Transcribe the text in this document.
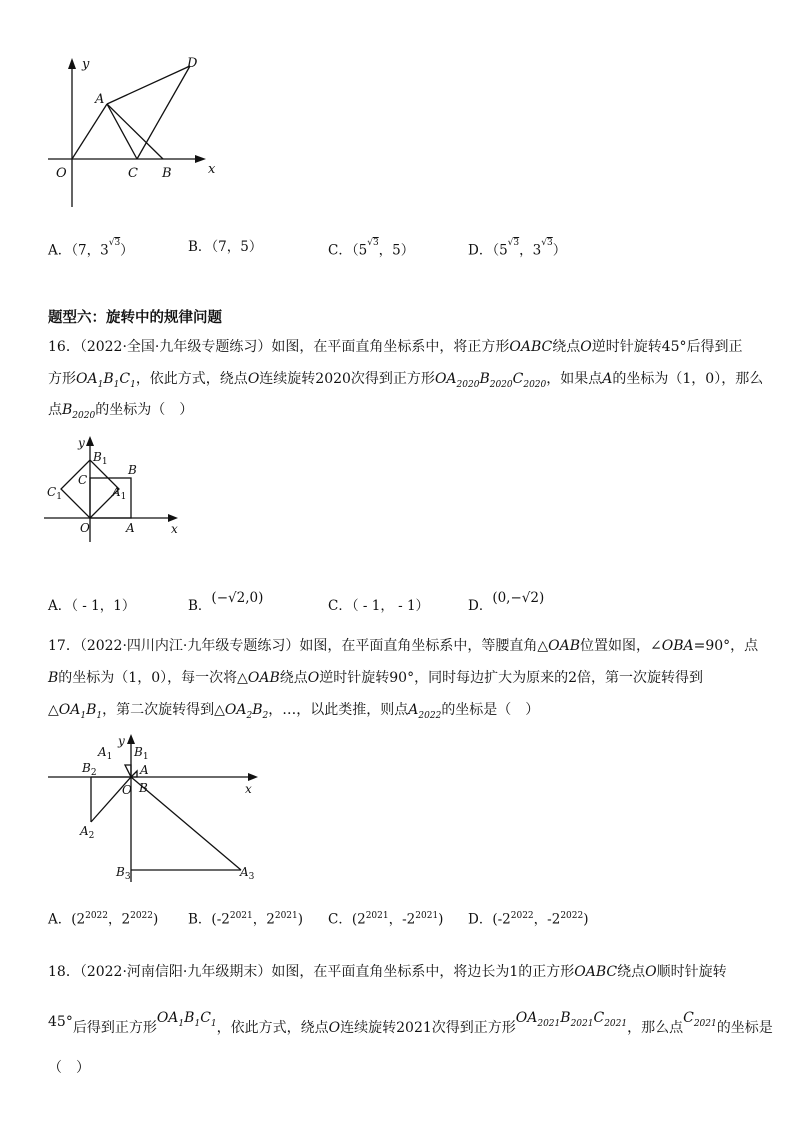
y
x
O
A
C B
D
A．（7，$3^{√3}$）	B．（7，5）	C．（$5^{√3}$，5）	D．（$5^{√3}$，$3^{√3}$）
题型六：旋转中的规律问题
16．（2022·全国·九年级专题练习）如图，在平面直角坐标系中，将正方形OABC绕点O逆时针旋转45°后得到正
方形$OA_1B_1C_1$，依此方式，绕点O连续旋转2020次得到正方形$OA_{2020}B_{2020}C_{2020}$，如果点A的坐标为（1，0），那么
点$B_{2020}$的坐标为（　）
y
x
O	A
B
C
$B_1$
$C_1$	$A_1$
A．（ - 1，1）	B．(−√2,0)	C．（ - 1， - 1）	D．(0,−√2)
17．（2022·四川内江·九年级专题练习）如图，在平面直角坐标系中，等腰直角△OAB位置如图，∠OBA=90°，点
B的坐标为（1，0），每一次将△OAB绕点O逆时针旋转90°，同时每边扩大为原来的2倍，第一次旋转得到
$\triangle OA_1B_1$，第二次旋转得到$\triangle OA_2B_2$，…，以此类推，则点$A_{2022}$的坐标是（　）
y
x
O
A
B
$A_1$ $B_1$
$B_2$
$A_2$
$B_3$	$A_3$
A．($2^{2022}$，$2^{2022}$) B．($-2^{2021}$，$2^{2021}$) C．($2^{2021}$，$-2^{2021}$) D．($-2^{2022}$，$-2^{2022}$)
18．（2022·河南信阳·九年级期末）如图，在平面直角坐标系中，将边长为1的正方形OABC绕点O顺时针旋转
45°后得到正方形$OA_1B_1C_1$，依此方式，绕点O连续旋转2021次得到正方形$OA_{2021}B_{2021}C_{2021}$，那么点$C_{2021}$的坐标是
（　）
